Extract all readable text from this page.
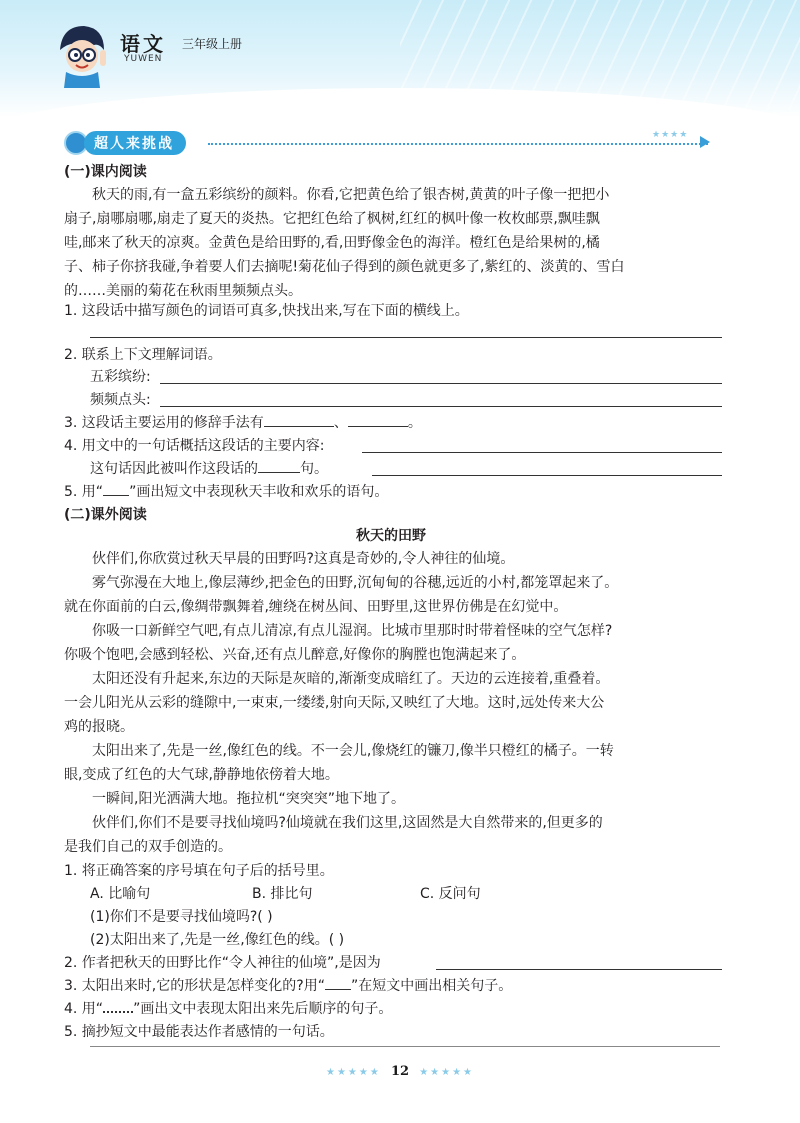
语文
YUWEN
三年级上册
超人来挑战
★★★★
(一)课内阅读
秋天的雨,有一盒五彩缤纷的颜料。你看,它把黄色给了银杏树,黄黄的叶子像一把把小
扇子,扇哪扇哪,扇走了夏天的炎热。它把红色给了枫树,红红的枫叶像一枚枚邮票,飘哇飘
哇,邮来了秋天的凉爽。金黄色是给田野的,看,田野像金色的海洋。橙红色是给果树的,橘
子、柿子你挤我碰,争着要人们去摘呢!菊花仙子得到的颜色就更多了,紫红的、淡黄的、雪白
的……美丽的菊花在秋雨里频频点头。
1. 这段话中描写颜色的词语可真多,快找出来,写在下面的横线上。
2. 联系上下文理解词语。
五彩缤纷:
频频点头:
3. 这段话主要运用的修辞手法有	、	。
4. 用文中的一句话概括这段话的主要内容:
这句话因此被叫作这段话的	句。
5. 用“ ”画出短文中表现秋天丰收和欢乐的语句。
(二)课外阅读
秋天的田野
伙伴们,你欣赏过秋天早晨的田野吗?这真是奇妙的,令人神往的仙境。
雾气弥漫在大地上,像层薄纱,把金色的田野,沉甸甸的谷穗,远近的小村,都笼罩起来了。
就在你面前的白云,像绸带飘舞着,缠绕在树丛间、田野里,这世界仿佛是在幻觉中。
你吸一口新鲜空气吧,有点儿清凉,有点儿湿润。比城市里那时时带着怪味的空气怎样?
你吸个饱吧,会感到轻松、兴奋,还有点儿醉意,好像你的胸膛也饱满起来了。
太阳还没有升起来,东边的天际是灰暗的,渐渐变成暗红了。天边的云连接着,重叠着。
一会儿阳光从云彩的缝隙中,一束束,一缕缕,射向天际,又映红了大地。这时,远处传来大公
鸡的报晓。
太阳出来了,先是一丝,像红色的线。不一会儿,像烧红的镰刀,像半只橙红的橘子。一转
眼,变成了红色的大气球,静静地依傍着大地。
一瞬间,阳光洒满大地。拖拉机“突突突”地下地了。
伙伴们,你们不是要寻找仙境吗?仙境就在我们这里,这固然是大自然带来的,但更多的
是我们自己的双手创造的。
1. 将正确答案的序号填在句子后的括号里。
A. 比喻句	B. 排比句	C. 反问句
(1)你们不是要寻找仙境吗?( )
(2)太阳出来了,先是一丝,像红色的线。( )
2. 作者把秋天的田野比作“令人神往的仙境”,是因为
3. 太阳出来时,它的形状是怎样变化的?用“ ”在短文中画出相关句子。
4. 用“ ”画出文中表现太阳出来先后顺序的句子。
5. 摘抄短文中最能表达作者感情的一句话。
★★★★★ 12 ★★★★★
